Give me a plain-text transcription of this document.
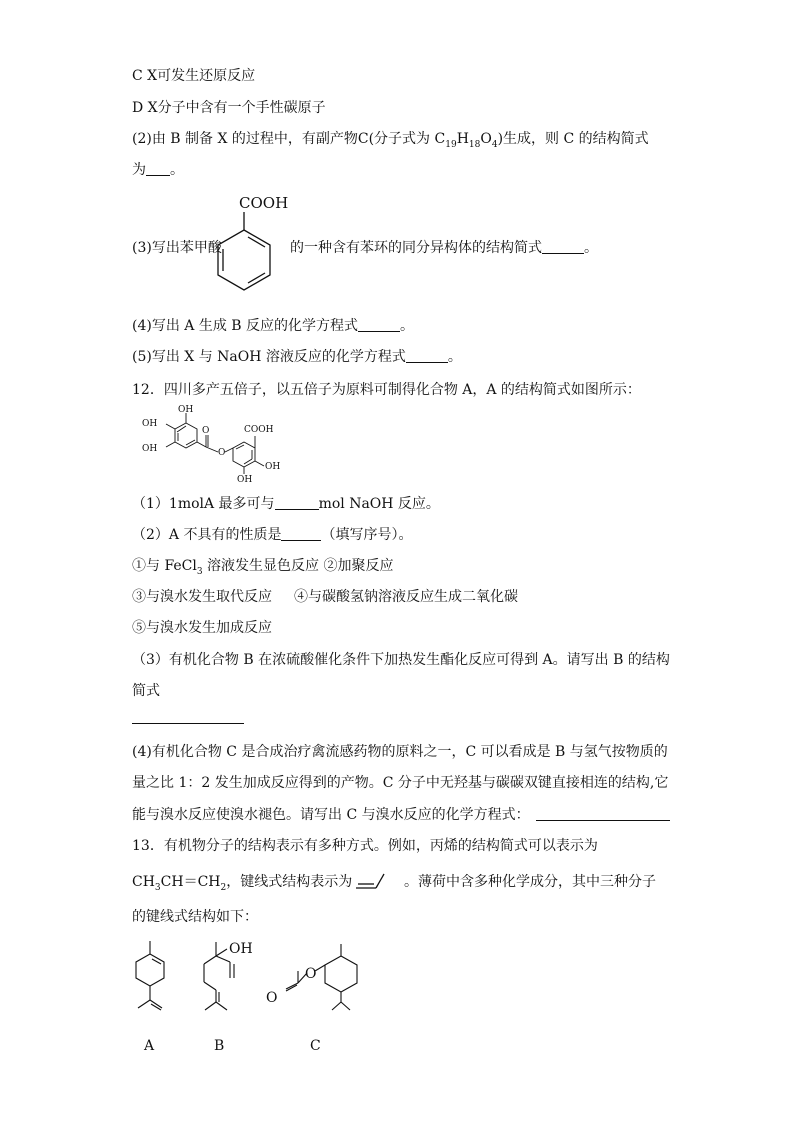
C X可发生还原反应
D X分子中含有一个手性碳原子
(2)由 B 制备 X 的过程中，有副产物C(分子式为 $C_{19}H_{18}O_4$)生成，则 C 的结构简式
为 。
(3)写出苯甲酸
COOH
的一种含有苯环的同分异构体的结构简式	。
(4)写出 A 生成 B 反应的化学方程式	。
(5)写出 X 与 NaOH 溶液反应的化学方程式	。
12．四川多产五倍子，以五倍子为原料可制得化合物 A，A 的结构简式如图所示：
OH
OH
OH
O
O
COOH
OH
OH
（1）1molA 最多可与	mol NaOH 反应。
（2）A 不具有的性质是	（填写序号）。
①与 FeCl$_3$ 溶液发生显色反应 ②加聚反应
③与溴水发生取代反应 ④与碳酸氢钠溶液反应生成二氧化碳
⑤与溴水发生加成反应
（3）有机化合物 B 在浓硫酸催化条件下加热发生酯化反应可得到 A。请写出 B 的结构
简式
(4)有机化合物 C 是合成治疗禽流感药物的原料之一，C 可以看成是 B 与氢气按物质的
量之比 1：2 发生加成反应得到的产物。C 分子中无羟基与碳碳双键直接相连的结构,它
能与溴水反应使溴水褪色。请写出 C 与溴水反应的化学方程式：
13．有机物分子的结构表示有多种方式。例如，丙烯的结构简式可以表示为
$CH_3CH=CH_2$，键线式结构表示为	。薄荷中含多种化学成分，其中三种分子
的键线式结构如下：
A
OH
B
O
O
C
